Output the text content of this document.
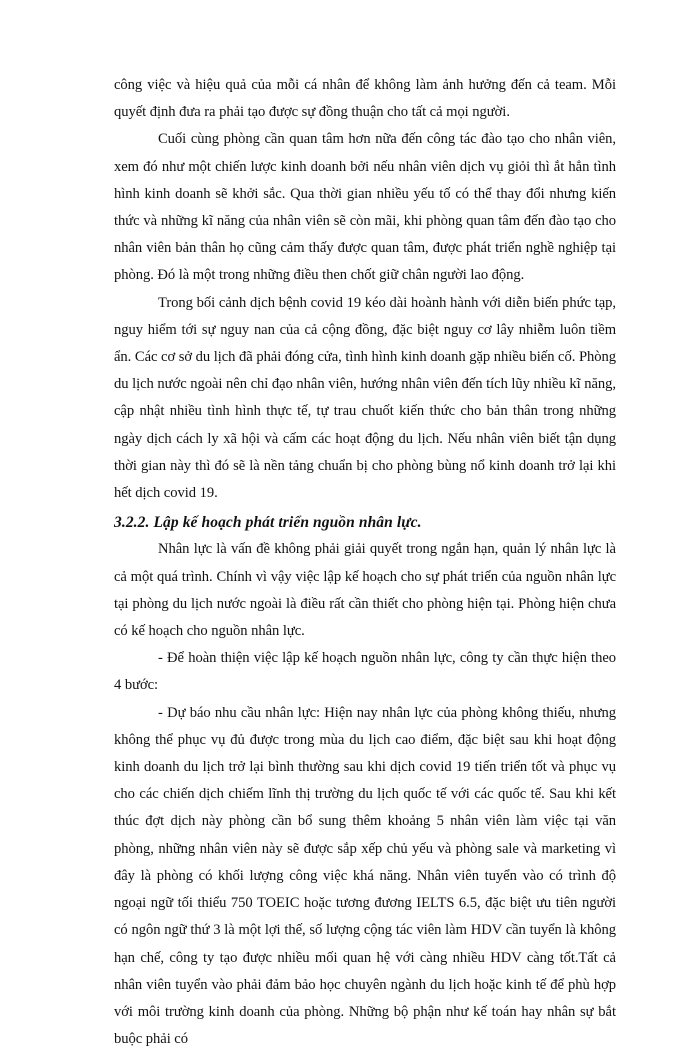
công việc và hiệu quả của mỗi cá nhân để không làm ảnh hưởng đến cả team. Mỗi quyết định đưa ra phải tạo được sự đồng thuận cho tất cả mọi người.

Cuối cùng phòng cần quan tâm hơn nữa đến công tác đào tạo cho nhân viên, xem đó như một chiến lược kinh doanh bởi nếu nhân viên dịch vụ giỏi thì ắt hẳn tình hình kinh doanh sẽ khởi sắc. Qua thời gian nhiều yếu tố có thể thay đổi nhưng kiến thức và những kĩ năng của nhân viên sẽ còn mãi, khi phòng quan tâm đến đào tạo cho nhân viên bản thân họ cũng cảm thấy được quan tâm, được phát triển nghề nghiệp tại phòng. Đó là một trong những điều then chốt giữ chân người lao động.

Trong bối cảnh dịch bệnh covid 19 kéo dài hoành hành với diễn biến phức tạp, nguy hiểm tới sự nguy nan của cả cộng đồng, đặc biệt nguy cơ lây nhiễm luôn tiềm ẩn. Các cơ sở du lịch đã phải đóng cửa, tình hình kinh doanh gặp nhiều biến cố. Phòng du lịch nước ngoài nên chỉ đạo nhân viên, hướng nhân viên đến tích lũy nhiều kĩ năng, cập nhật nhiều tình hình thực tế, tự trau chuốt kiến thức cho bản thân trong những ngày dịch cách ly xã hội và cấm các hoạt động du lịch. Nếu nhân viên biết tận dụng thời gian này thì đó sẽ là nền tảng chuẩn bị cho phòng bùng nổ kinh doanh trở lại khi hết dịch covid 19.

3.2.2. Lập kế hoạch phát triển nguồn nhân lực.

Nhân lực là vấn đề không phải giải quyết trong ngắn hạn, quản lý nhân lực là cả một quá trình. Chính vì vậy việc lập kế hoạch cho sự phát triển của nguồn nhân lực tại phòng du lịch nước ngoài là điều rất cần thiết cho phòng hiện tại. Phòng hiện chưa có kế hoạch cho nguồn nhân lực.

- Để hoàn thiện việc lập kế hoạch nguồn nhân lực, công ty cần thực hiện theo 4 bước:

- Dự báo nhu cầu nhân lực: Hiện nay nhân lực của phòng không thiếu, nhưng không thể phục vụ đủ được trong mùa du lịch cao điểm, đặc biệt sau khi hoạt động kinh doanh du lịch trở lại bình thường sau khi dịch covid 19 tiến triển tốt và phục vụ cho các chiến dịch chiếm lĩnh thị trường du lịch quốc tế với các quốc tế. Sau khi kết thúc đợt dịch này phòng cần bổ sung thêm khoảng 5 nhân viên làm việc tại văn phòng, những nhân viên này sẽ được sắp xếp chủ yếu và phòng sale và marketing vì đây là phòng có khối lượng công việc khá năng. Nhân viên tuyển vào có trình độ ngoại ngữ tối thiểu 750 TOEIC hoặc tương đương IELTS 6.5, đặc biệt ưu tiên người có ngôn ngữ thứ 3 là một lợi thế, số lượng cộng tác viên làm HDV cần tuyển là không hạn chế, công ty tạo được nhiều mối quan hệ với càng nhiều HDV càng tốt.Tất cả nhân viên tuyển vào phải đảm bảo học chuyên ngành du lịch hoặc kinh tế để phù hợp với môi trường kinh doanh của phòng. Những bộ phận như kế toán hay nhân sự bắt buộc phải có
